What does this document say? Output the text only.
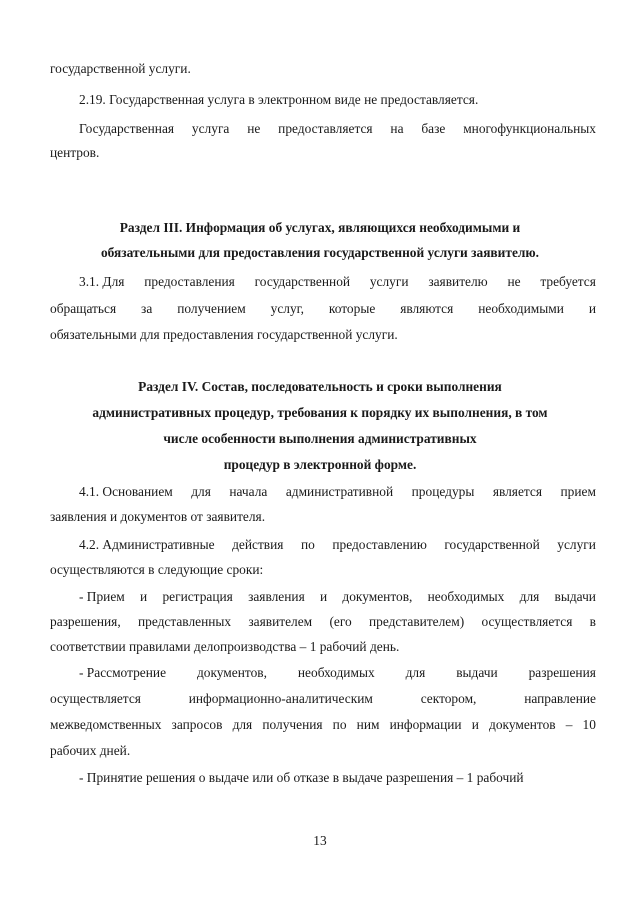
государственной услуги.
2.19. Государственная услуга в электронном виде не предоставляется.
Государственная услуга не предоставляется на базе многофункциональных
центров.
Раздел III. Информация об услугах, являющихся необходимыми и
обязательными для предоставления государственной услуги заявителю.
3.1. Для предоставления государственной услуги заявителю не требуется
обращаться за получением услуг, которые являются необходимыми и
обязательными для предоставления государственной услуги.
Раздел IV. Состав, последовательность и сроки выполнения
административных процедур, требования к порядку их выполнения, в том
числе особенности выполнения административных
процедур в электронной форме.
4.1. Основанием для начала административной процедуры является прием
заявления и документов от заявителя.
4.2. Административные действия по предоставлению государственной услуги
осуществляются в следующие сроки:
- Прием и регистрация заявления и документов, необходимых для выдачи
разрешения, представленных заявителем (его представителем) осуществляется в
соответствии правилами делопроизводства – 1 рабочий день.
- Рассмотрение документов, необходимых для выдачи разрешения
осуществляется	информационно-аналитическим	сектором,	направление
межведомственных запросов для получения по ним информации и документов – 10
рабочих дней.
- Принятие решения о выдаче или об отказе в выдаче разрешения – 1 рабочий
13
